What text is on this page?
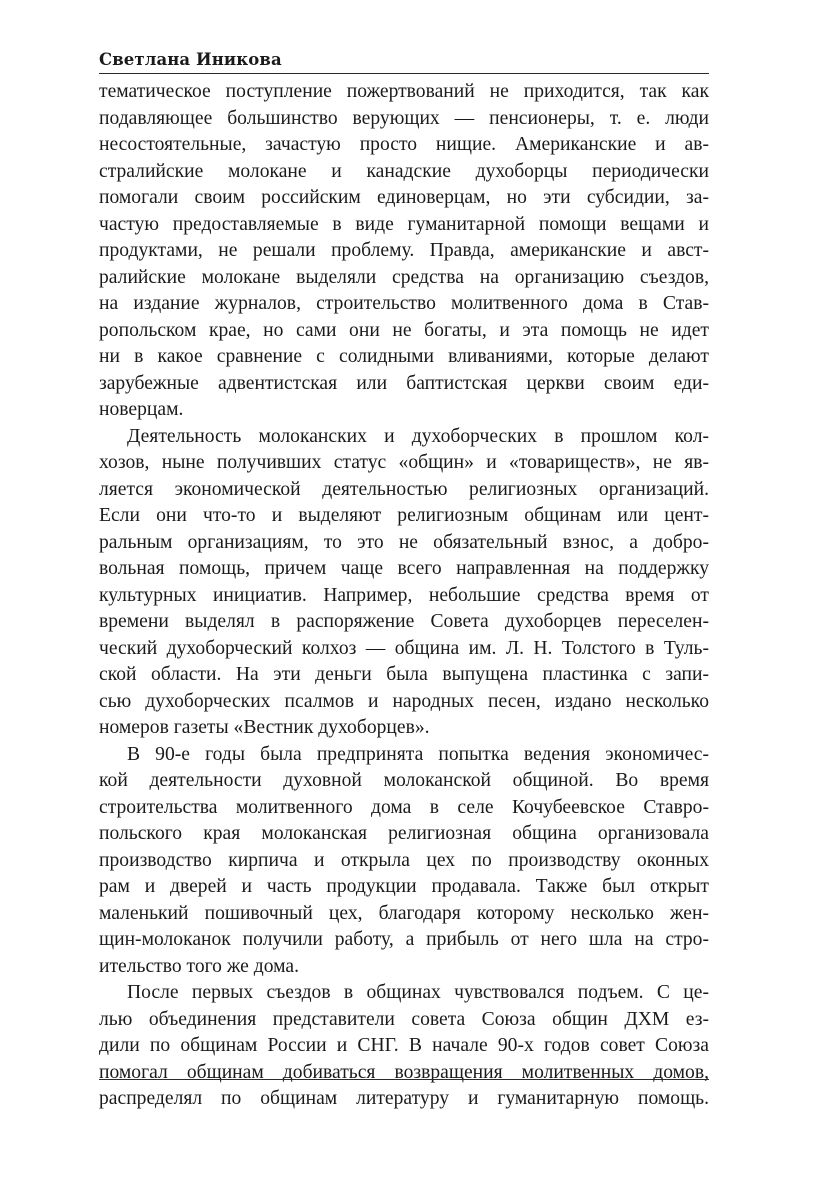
Светлана Иникова
тематическое поступление пожертвований не приходится, так как
подавляющее большинство верующих — пенсионеры, т. е. люди
несостоятельные, зачастую просто нищие. Американские и ав-
стралийские молокане и канадские духоборцы периодически
помогали своим российским единоверцам, но эти субсидии, за-
частую предоставляемые в виде гуманитарной помощи вещами и
продуктами, не решали проблему. Правда, американские и авст-
ралийские молокане выделяли средства на организацию съездов,
на издание журналов, строительство молитвенного дома в Став-
ропольском крае, но сами они не богаты, и эта помощь не идет
ни в какое сравнение с солидными вливаниями, которые делают
зарубежные адвентистская или баптистская церкви своим еди-
новерцам.
Деятельность молоканских и духоборческих в прошлом кол-
хозов, ныне получивших статус «общин» и «товариществ», не яв-
ляется экономической деятельностью религиозных организаций.
Если они что-то и выделяют религиозным общинам или цент-
ральным организациям, то это не обязательный взнос, а добро-
вольная помощь, причем чаще всего направленная на поддержку
культурных инициатив. Например, небольшие средства время от
времени выделял в распоряжение Совета духоборцев переселен-
ческий духоборческий колхоз — община им. Л. Н. Толстого в Туль-
ской области. На эти деньги была выпущена пластинка с запи-
сью духоборческих псалмов и народных песен, издано несколько
номеров газеты «Вестник духоборцев».
В 90-е годы была предпринята попытка ведения экономичес-
кой деятельности духовной молоканской общиной. Во время
строительства молитвенного дома в селе Кочубеевское Ставро-
польского края молоканская религиозная община организовала
производство кирпича и открыла цех по производству оконных
рам и дверей и часть продукции продавала. Также был открыт
маленький пошивочный цех, благодаря которому несколько жен-
щин-молоканок получили работу, а прибыль от него шла на стро-
ительство того же дома.
После первых съездов в общинах чувствовался подъем. С це-
лью объединения представители совета Союза общин ДХМ ез-
дили по общинам России и СНГ. В начале 90-х годов совет Союза
помогал общинам добиваться возвращения молитвенных домов,
распределял по общинам литературу и гуманитарную помощь.
